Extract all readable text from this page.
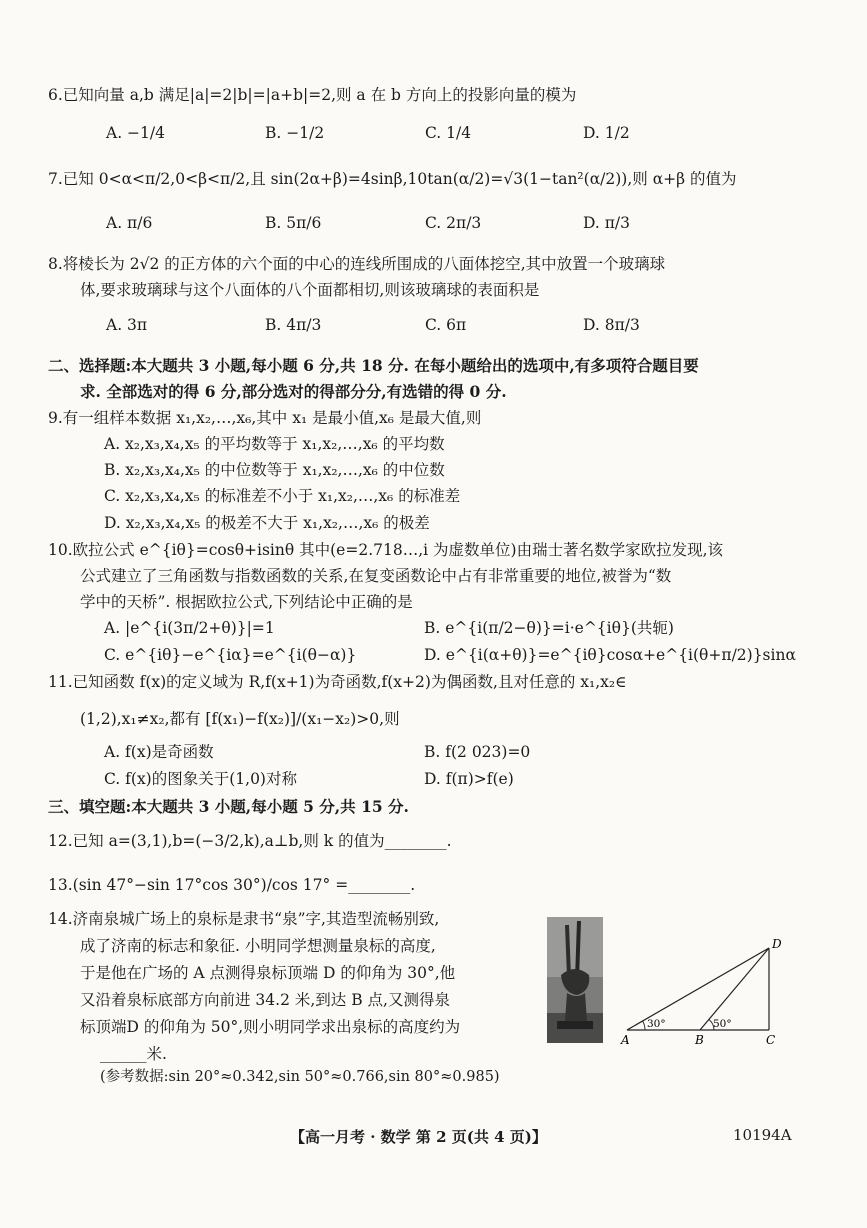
6.已知向量 a,b 满足|a|=2|b|=|a+b|=2,则 a 在 b 方向上的投影向量的模为
A. −1/4	B. −1/2	C. 1/4	D. 1/2
7.已知 0<α<π/2,0<β<π/2,且 sin(2α+β)=4sinβ,10tan(α/2)=√3(1−tan²(α/2)),则 α+β 的值为
A. π/6	B. 5π/6	C. 2π/3	D. π/3
8.将棱长为 2√2 的正方体的六个面的中心的连线所围成的八面体挖空,其中放置一个玻璃球
体,要求玻璃球与这个八面体的八个面都相切,则该玻璃球的表面积是
A. 3π	B. 4π/3	C. 6π	D. 8π/3
二、选择题:本大题共 3 小题,每小题 6 分,共 18 分. 在每小题给出的选项中,有多项符合题目要
求. 全部选对的得 6 分,部分选对的得部分分,有选错的得 0 分.
9.有一组样本数据 x₁,x₂,…,x₆,其中 x₁ 是最小值,x₆ 是最大值,则
A. x₂,x₃,x₄,x₅ 的平均数等于 x₁,x₂,…,x₆ 的平均数
B. x₂,x₃,x₄,x₅ 的中位数等于 x₁,x₂,…,x₆ 的中位数
C. x₂,x₃,x₄,x₅ 的标准差不小于 x₁,x₂,…,x₆ 的标准差
D. x₂,x₃,x₄,x₅ 的极差不大于 x₁,x₂,…,x₆ 的极差
10.欧拉公式 e^{iθ}=cosθ+isinθ 其中(e=2.718…,i 为虚数单位)由瑞士著名数学家欧拉发现,该
公式建立了三角函数与指数函数的关系,在复变函数论中占有非常重要的地位,被誉为“数
学中的天桥”. 根据欧拉公式,下列结论中正确的是
A. |e^{i(3π/2+θ)}|=1	B. e^{i(π/2−θ)}=i·e^{iθ}(共轭)
C. e^{iθ}−e^{iα}=e^{i(θ−α)}	D. e^{i(α+θ)}=e^{iθ}cosα+e^{i(θ+π/2)}sinα
11.已知函数 f(x)的定义域为 R,f(x+1)为奇函数,f(x+2)为偶函数,且对任意的 x₁,x₂∈
(1,2),x₁≠x₂,都有 [f(x₁)−f(x₂)]/(x₁−x₂)>0,则
A. f(x)是奇函数	B. f(2 023)=0
C. f(x)的图象关于(1,0)对称	D. f(π)>f(e)
三、填空题:本大题共 3 小题,每小题 5 分,共 15 分.
12.已知 a=(3,1),b=(−3/2,k),a⊥b,则 k 的值为________.
13.(sin 47°−sin 17°cos 30°)/cos 17° =________.
14.济南泉城广场上的泉标是隶书“泉”字,其造型流畅别致,
成了济南的标志和象征. 小明同学想测量泉标的高度,
于是他在广场的 A 点测得泉标顶端 D 的仰角为 30°,他
又沿着泉标底部方向前进 34.2 米,到达 B 点,又测得泉
标顶端D 的仰角为 50°,则小明同学求出泉标的高度约为
______米.
(参考数据:sin 20°≈0.342,sin 50°≈0.766,sin 80°≈0.985)
A	B	C
D
30°	50°
【高一月考 · 数学 第 2 页(共 4 页)】	10194A
